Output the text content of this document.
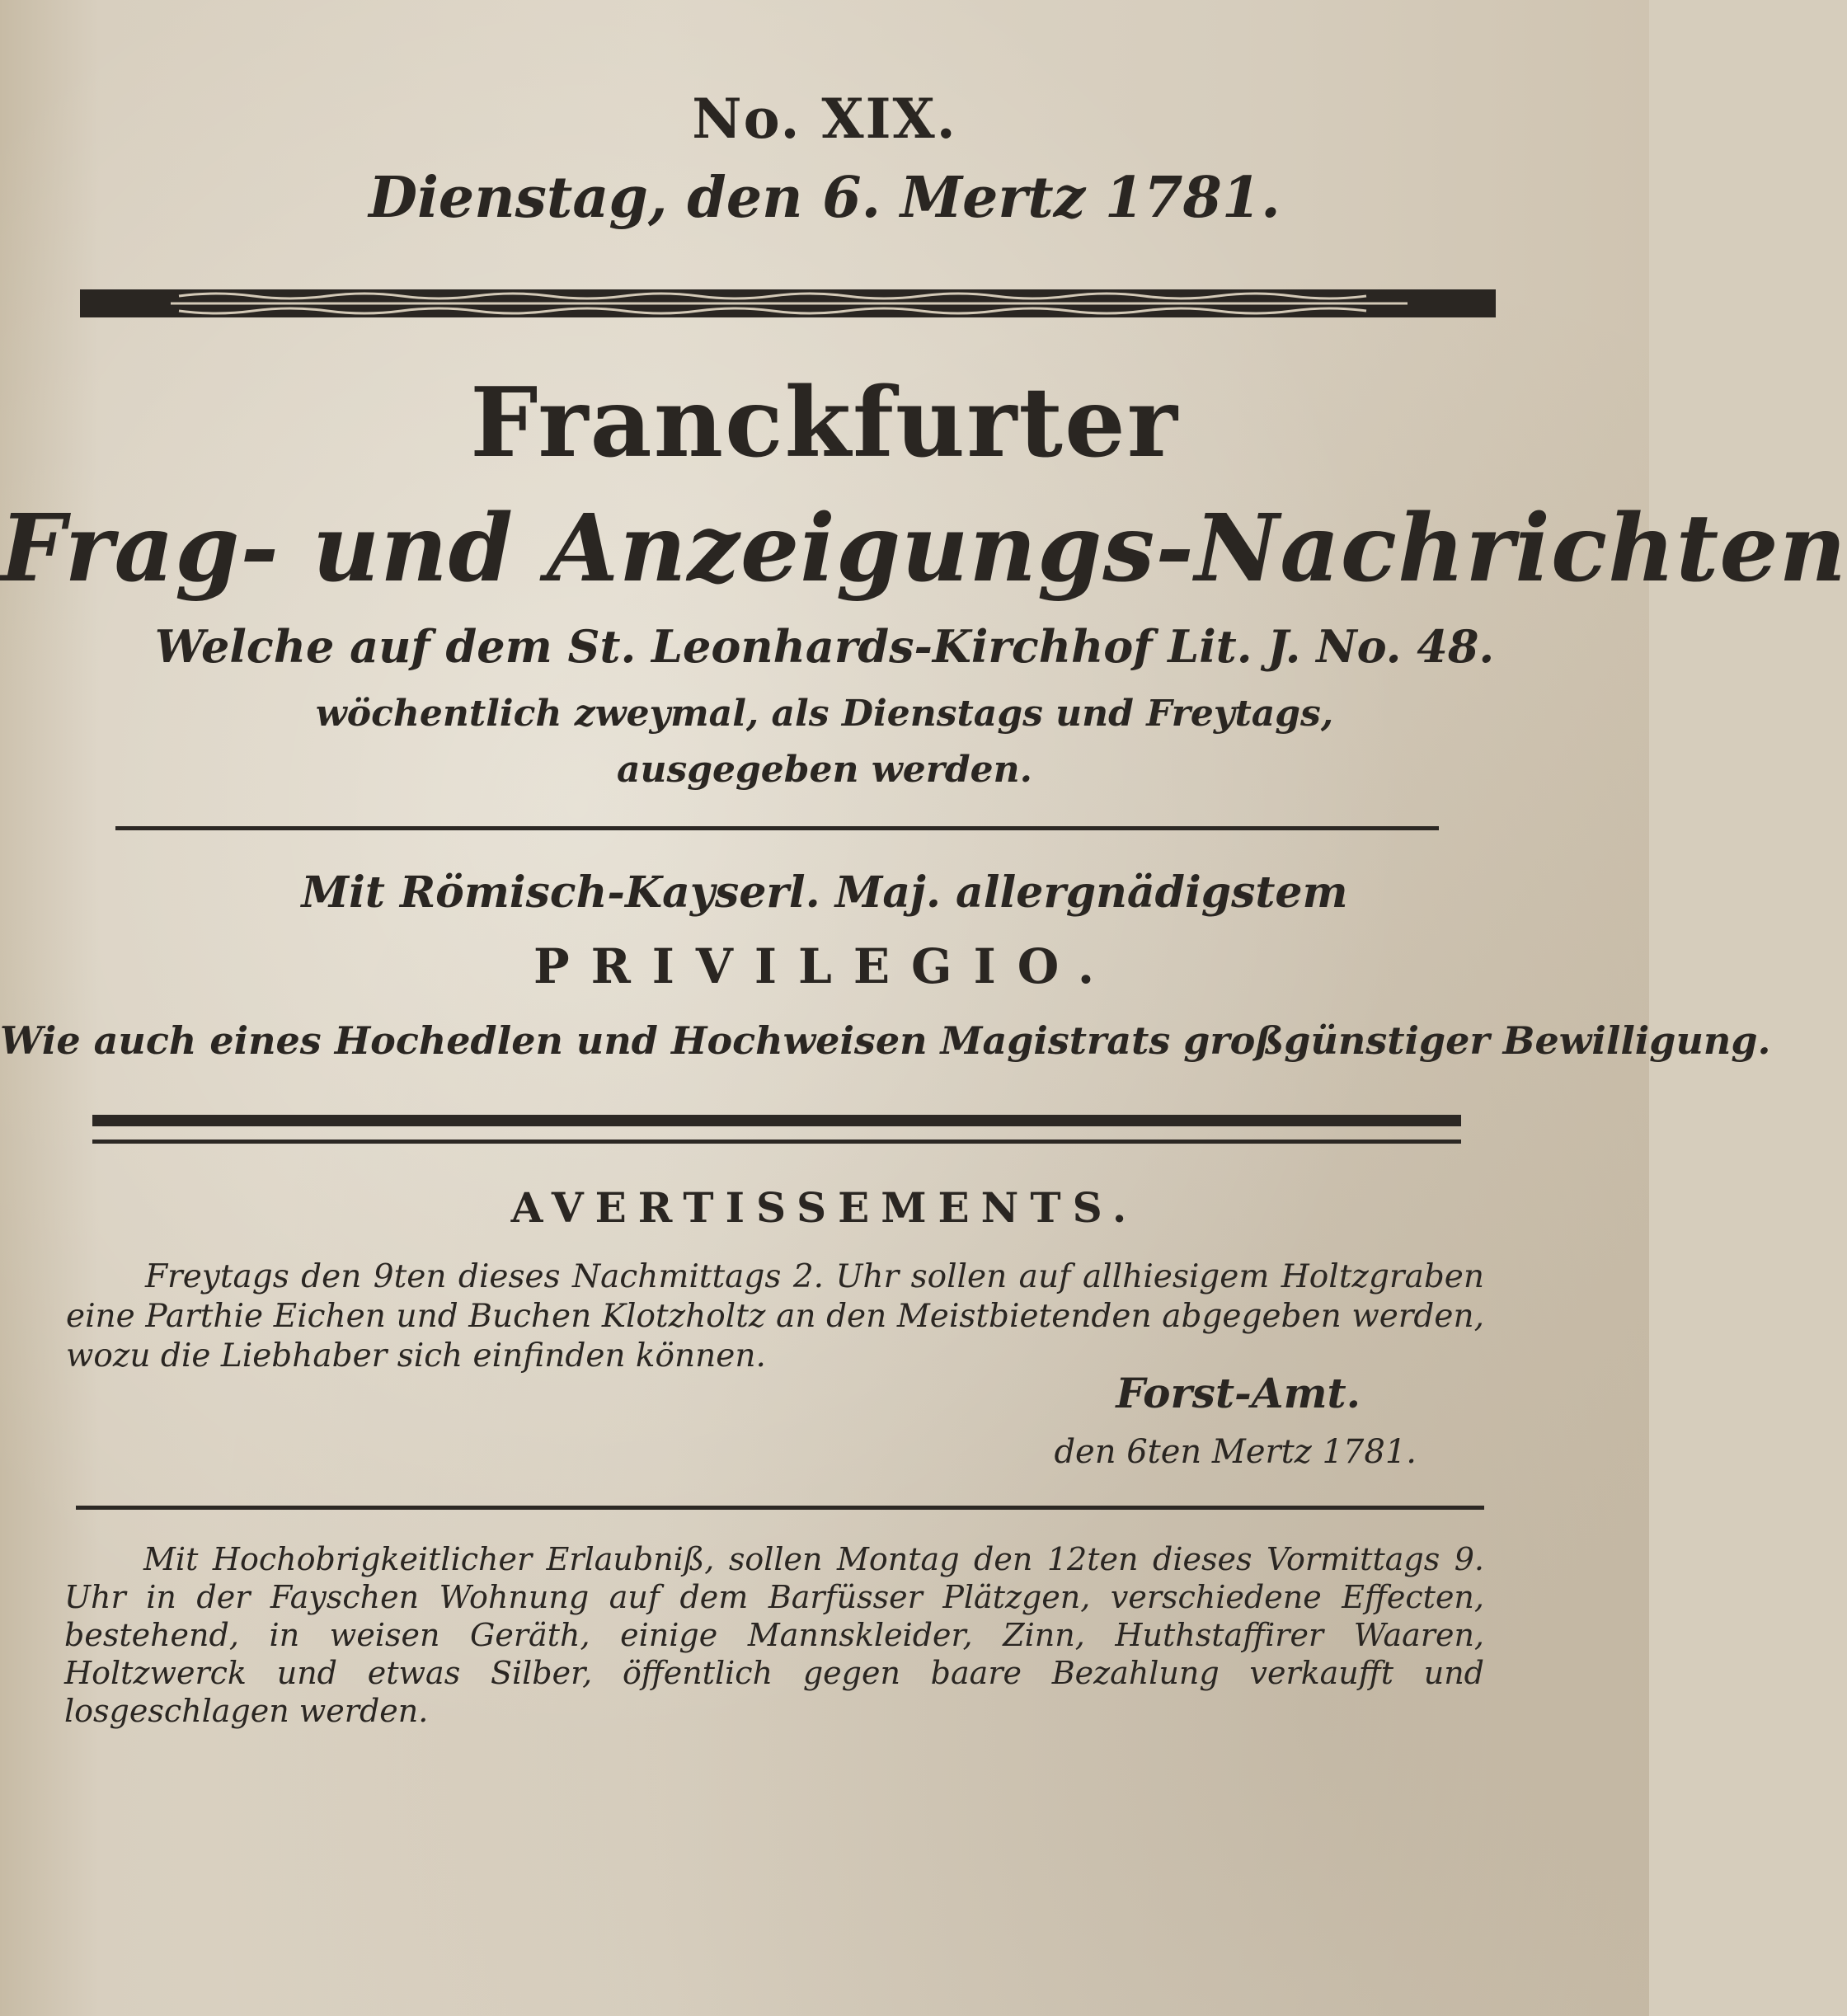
No. XIX.
Dienstag, den 6. Mertz 1781.
Franckfurter
Frag- und Anzeigungs-Nachrichten
Welche auf dem St. Leonhards-Kirchhof Lit. J. No. 48.
wöchentlich zweymal, als Dienstags und Freytags,
ausgegeben werden.
Mit Römisch-Kayserl. Maj. allergnädigstem
PRIVILEGIO.
Wie auch eines Hochedlen und Hochweisen Magistrats großgünstiger Bewilligung.
AVERTISSEMENTS.
Freytags den 9ten dieses Nachmittags 2. Uhr sollen auf allhiesigem Holtzgraben eine Parthie Eichen und Buchen Klotzholtz an den Meistbietenden abgegeben werden, wozu die Liebhaber sich einfinden können.
Forst-Amt.
den 6ten Mertz 1781.
Mit Hochobrigkeitlicher Erlaubniß, sollen Montag den 12ten dieses Vormittags 9. Uhr in der Fayschen Wohnung auf dem Barfüsser Plätzgen, verschiedene Effecten, bestehend, in weisen Geräth, einige Mannskleider, Zinn, Huthstaffirer Waaren, Holtzwerck und etwas Silber, öffentlich gegen baare Bezahlung verkaufft und losgeschlagen werden.
